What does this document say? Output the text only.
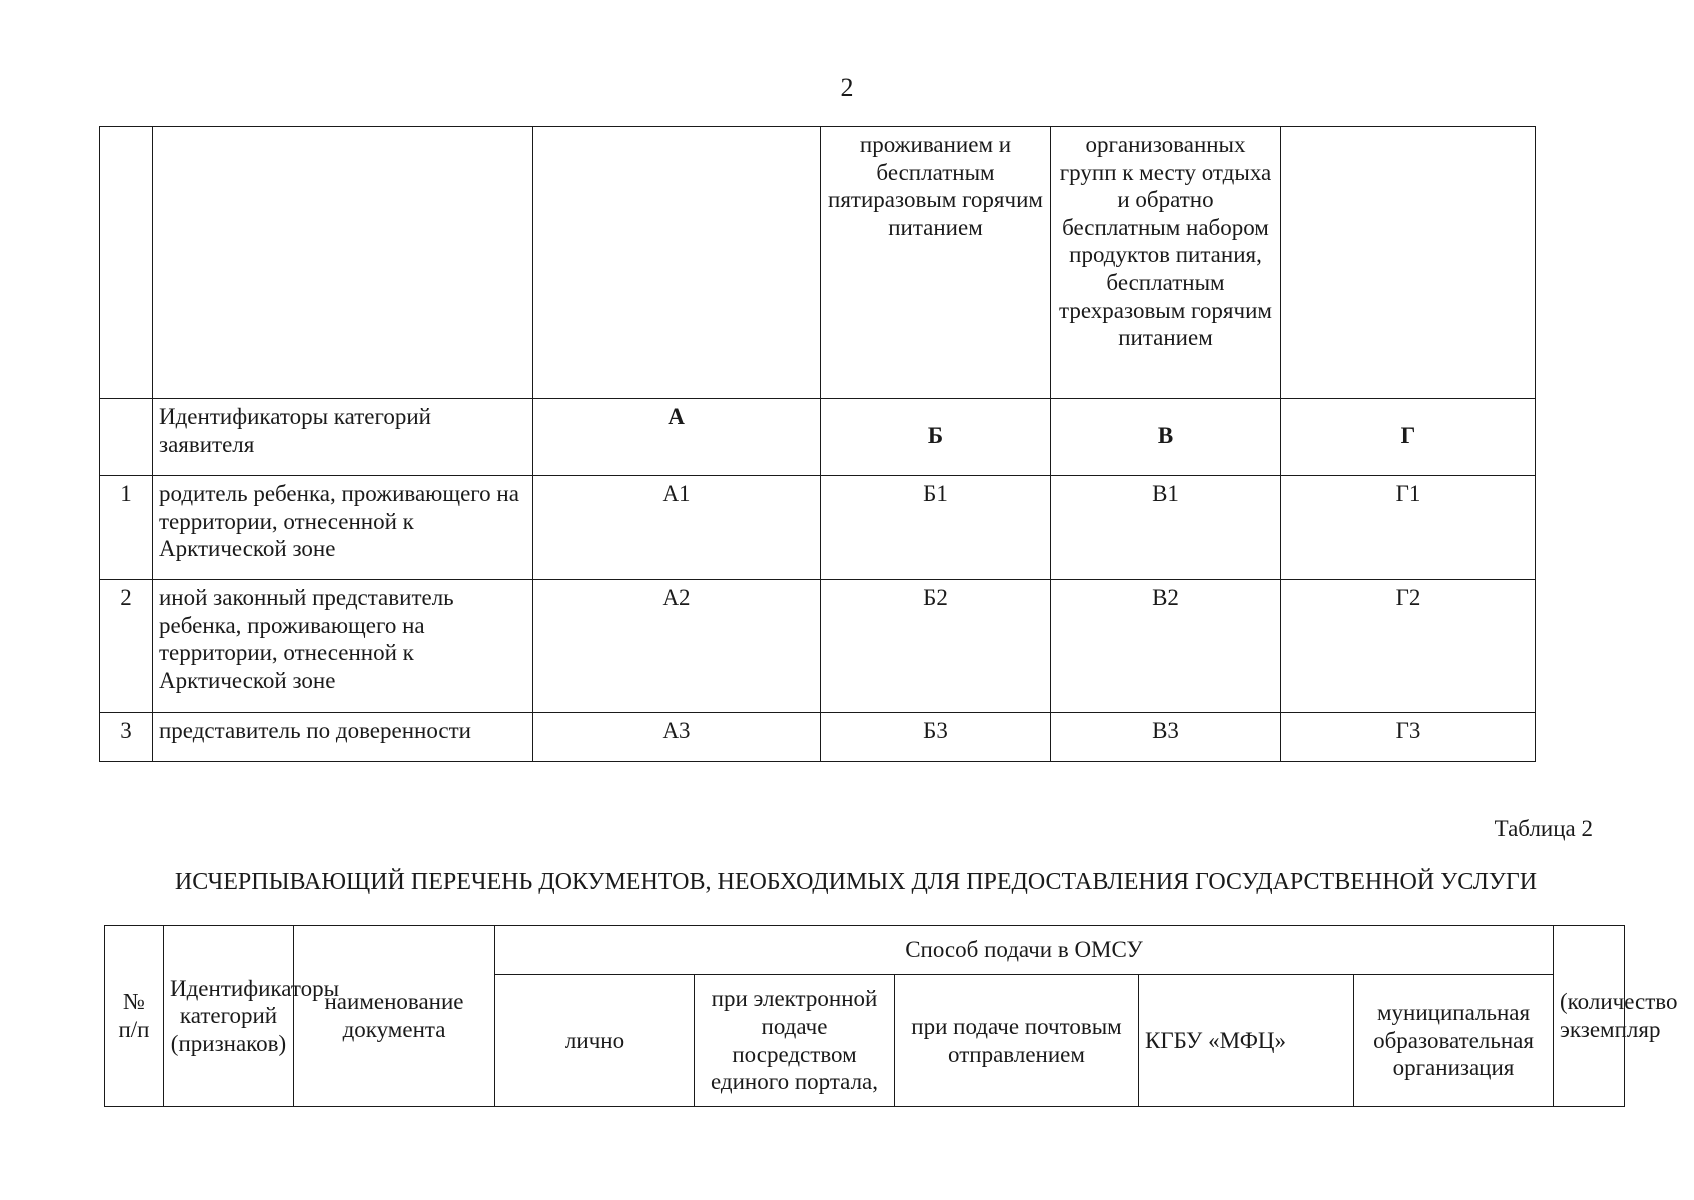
2
			проживанием и бесплатным пятиразовым горячим питанием	организованных групп к месту отдыха и обратно бесплатным набором продуктов питания, бесплатным трехразовым горячим питанием	
	Идентификаторы категорий заявителя	А	Б	В	Г
1	родитель ребенка, проживающего на территории, отнесенной к Арктической зоне	А1	Б1	В1	Г1
2	иной законный представитель ребенка, проживающего на территории, отнесенной к Арктической зоне	А2	Б2	В2	Г2
3	представитель по доверенности	А3	Б3	В3	Г3
Таблица 2
ИСЧЕРПЫВАЮЩИЙ ПЕРЕЧЕНЬ ДОКУМЕНТОВ, НЕОБХОДИМЫХ ДЛЯ ПРЕДОСТАВЛЕНИЯ ГОСУДАРСТВЕННОЙ УСЛУГИ
№ п/п	Идентификаторы категорий (признаков)	наименование документа	Способ подачи в ОМСУ					(количество экземпляр
			лично	при электронной подаче посредством единого портала,	при подаче почтовым отправлением	КГБУ «МФЦ»	муниципальная образовательная организация	
